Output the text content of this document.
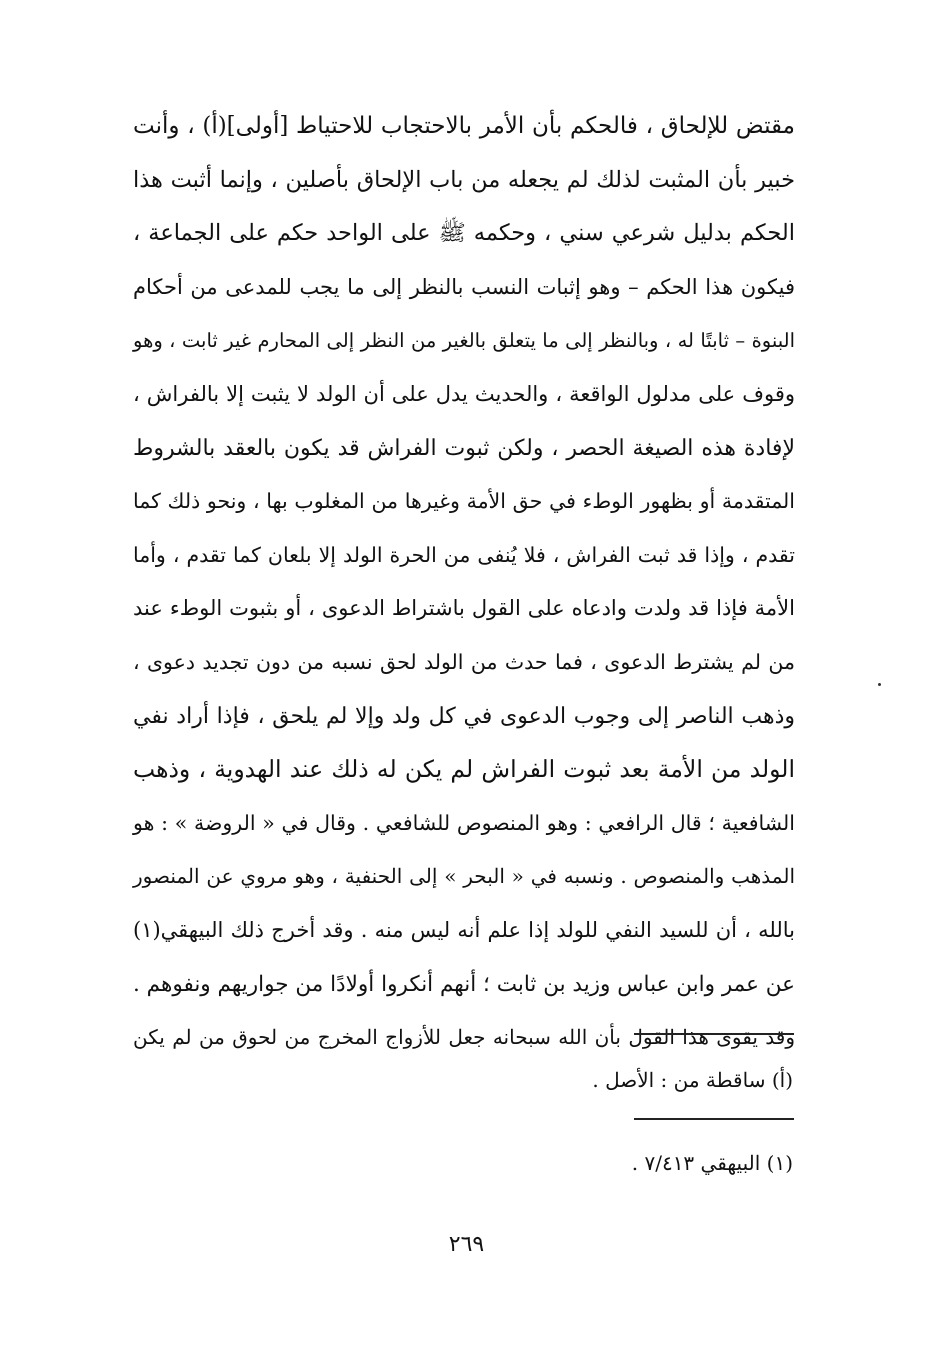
مقتض للإلحاق ، فالحكم بأن الأمر بالاحتجاب للاحتياط [أولى](أ) ، وأنت
خبير بأن المثبت لذلك لم يجعله من باب الإلحاق بأصلين ، وإنما أثبت هذا
الحكم بدليل شرعي سني ، وحكمه ﷺ على الواحد حكم على الجماعة ،
فيكون هذا الحكم – وهو إثبات النسب بالنظر إلى ما يجب للمدعى من أحكام
البنوة – ثابتًا له ، وبالنظر إلى ما يتعلق بالغير من النظر إلى المحارم غير ثابت ، وهو
وقوف على مدلول الواقعة ، والحديث يدل على أن الولد لا يثبت إلا بالفراش ،
لإفادة هذه الصيغة الحصر ، ولكن ثبوت الفراش قد يكون بالعقد بالشروط
المتقدمة أو بظهور الوطء في حق الأمة وغيرها من المغلوب بها ، ونحو ذلك كما
تقدم ، وإذا قد ثبت الفراش ، فلا يُنفى من الحرة الولد إلا بلعان كما تقدم ، وأما
الأمة فإذا قد ولدت وادعاه على القول باشتراط الدعوى ، أو بثبوت الوطء عند
من لم يشترط الدعوى ، فما حدث من الولد لحق نسبه من دون تجديد دعوى ،
وذهب الناصر إلى وجوب الدعوى في كل ولد وإلا لم يلحق ، فإذا أراد نفي
الولد من الأمة بعد ثبوت الفراش لم يكن له ذلك عند الهدوية ، وذهب
الشافعية ؛ قال الرافعي : وهو المنصوص للشافعي . وقال في « الروضة » : هو
المذهب والمنصوص . ونسبه في « البحر » إلى الحنفية ، وهو مروي عن المنصور
بالله ، أن للسيد النفي للولد إذا علم أنه ليس منه . وقد أخرج ذلك البيهقي(١)
عن عمر وابن عباس وزيد بن ثابت ؛ أنهم أنكروا أولادًا من جواريهم ونفوهم .
وقد يقوى هذا القول بأن الله سبحانه جعل للأزواج المخرج من لحوق من لم يكن
(أ) ساقطة من : الأصل .
(١) البيهقي ٧/٤١٣ .
٢٦٩
